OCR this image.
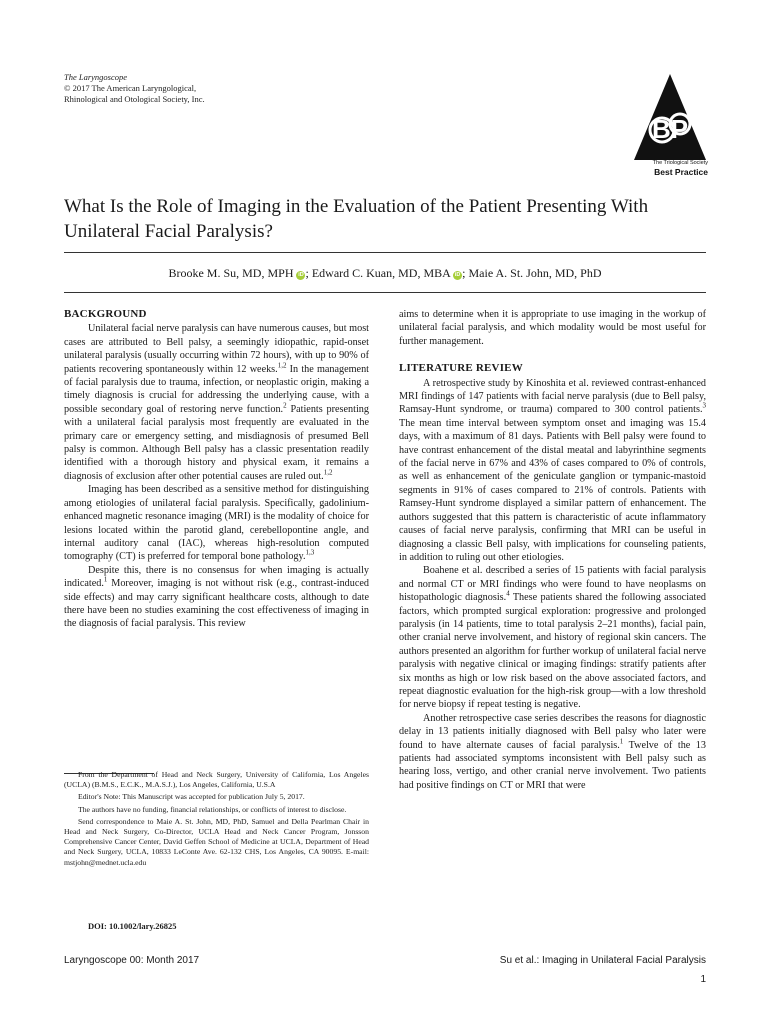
The Laryngoscope
© 2017 The American Laryngological,
Rhinological and Otological Society, Inc.
BP
The Triological Society
Best Practice
What Is the Role of Imaging in the Evaluation of the Patient Presenting With Unilateral Facial Paralysis?
Brooke M. Su, MD, MPH iD ; Edward C. Kuan, MD, MBA iD ; Maie A. St. John, MD, PhD
BACKGROUND

Unilateral facial nerve paralysis can have numerous causes, but most cases are attributed to Bell palsy, a seemingly idiopathic, rapid-onset unilateral paralysis (usually occurring within 72 hours), with up to 90% of patients recovering spontaneously within 12 weeks.$^{1,2}$ In the management of facial paralysis due to trauma, infection, or neoplastic origin, making a timely diagnosis is crucial for addressing the underlying cause, with a possible secondary goal of restoring nerve function.$^2$ Patients presenting with a unilateral facial paralysis most frequently are evaluated in the primary care or emergency setting, and misdiagnosis of presumed Bell palsy is common. Although Bell palsy has a classic presentation readily identified with a thorough history and physical exam, it remains a diagnosis of exclusion after other potential causes are ruled out.$^{1,2}$

Imaging has been described as a sensitive method for distinguishing among etiologies of unilateral facial paralysis. Specifically, gadolinium-enhanced magnetic resonance imaging (MRI) is the modality of choice for lesions located within the parotid gland, cerebellopontine angle, and internal auditory canal (IAC), whereas high-resolution computed tomography (CT) is preferred for temporal bone pathology.$^{1,3}$

Despite this, there is no consensus for when imaging is actually indicated.$^1$ Moreover, imaging is not without risk (e.g., contrast-induced side effects) and may carry significant healthcare costs, although to date there have been no studies examining the cost effectiveness of imaging in the diagnosis of facial paralysis. This review

From the Department of Head and Neck Surgery, University of California, Los Angeles (UCLA) (B.M.S., E.C.K., M.A.S.J.), Los Angeles, California, U.S.A

Editor's Note: This Manuscript was accepted for publication July 5, 2017.

The authors have no funding, financial relationships, or conflicts of interest to disclose.

Send correspondence to Maie A. St. John, MD, PhD, Samuel and Della Pearlman Chair in Head and Neck Surgery, Co-Director, UCLA Head and Neck Cancer Program, Jonsson Comprehensive Cancer Center, David Geffen School of Medicine at UCLA, Department of Head and Neck Surgery, UCLA, 10833 LeConte Ave. 62-132 CHS, Los Angeles, CA 90095. E-mail: mstjohn@mednet.ucla.edu

DOI: 10.1002/lary.26825

aims to determine when it is appropriate to use imaging in the workup of unilateral facial paralysis, and which modality would be most useful for further management.

LITERATURE REVIEW

A retrospective study by Kinoshita et al. reviewed contrast-enhanced MRI findings of 147 patients with facial nerve paralysis (due to Bell palsy, Ramsay-Hunt syndrome, or trauma) compared to 300 control patients.$^3$ The mean time interval between symptom onset and imaging was 15.4 days, with a maximum of 81 days. Patients with Bell palsy were found to have contrast enhancement of the distal meatal and labyrinthine segments of the facial nerve in 67% and 43% of cases compared to 0% of controls, as well as enhancement of the geniculate ganglion or tympanic-mastoid segments in 91% of cases compared to 21% of controls. Patients with Ramsey-Hunt syndrome displayed a similar pattern of enhancement. The authors suggested that this pattern is characteristic of acute inflammatory causes of facial nerve paralysis, confirming that MRI can be useful in diagnosing a classic Bell palsy, with implications for counseling patients, in addition to ruling out other etiologies.

Boahene et al. described a series of 15 patients with facial paralysis and normal CT or MRI findings who were found to have neoplasms on histopathologic diagnosis.$^4$ These patients shared the following associated factors, which prompted surgical exploration: progressive and prolonged paralysis (in 14 patients, time to total paralysis 2–21 months), facial pain, other cranial nerve involvement, and history of regional skin cancers. The authors presented an algorithm for further workup of unilateral facial nerve paralysis with negative clinical or imaging findings: stratify patients after six months as high or low risk based on the above associated factors, and repeat diagnostic evaluation for the high-risk group—with a low threshold for nerve biopsy if repeat testing is negative.

Another retrospective case series describes the reasons for diagnostic delay in 13 patients initially diagnosed with Bell palsy who later were found to have alternate causes of facial paralysis.$^1$ Twelve of the 13 patients had associated symptoms inconsistent with Bell palsy such as hearing loss, vertigo, and other cranial nerve involvement. Two patients had positive findings on CT or MRI that were

Laryngoscope 00: Month 2017	Su et al.: Imaging in Unilateral Facial Paralysis
1
